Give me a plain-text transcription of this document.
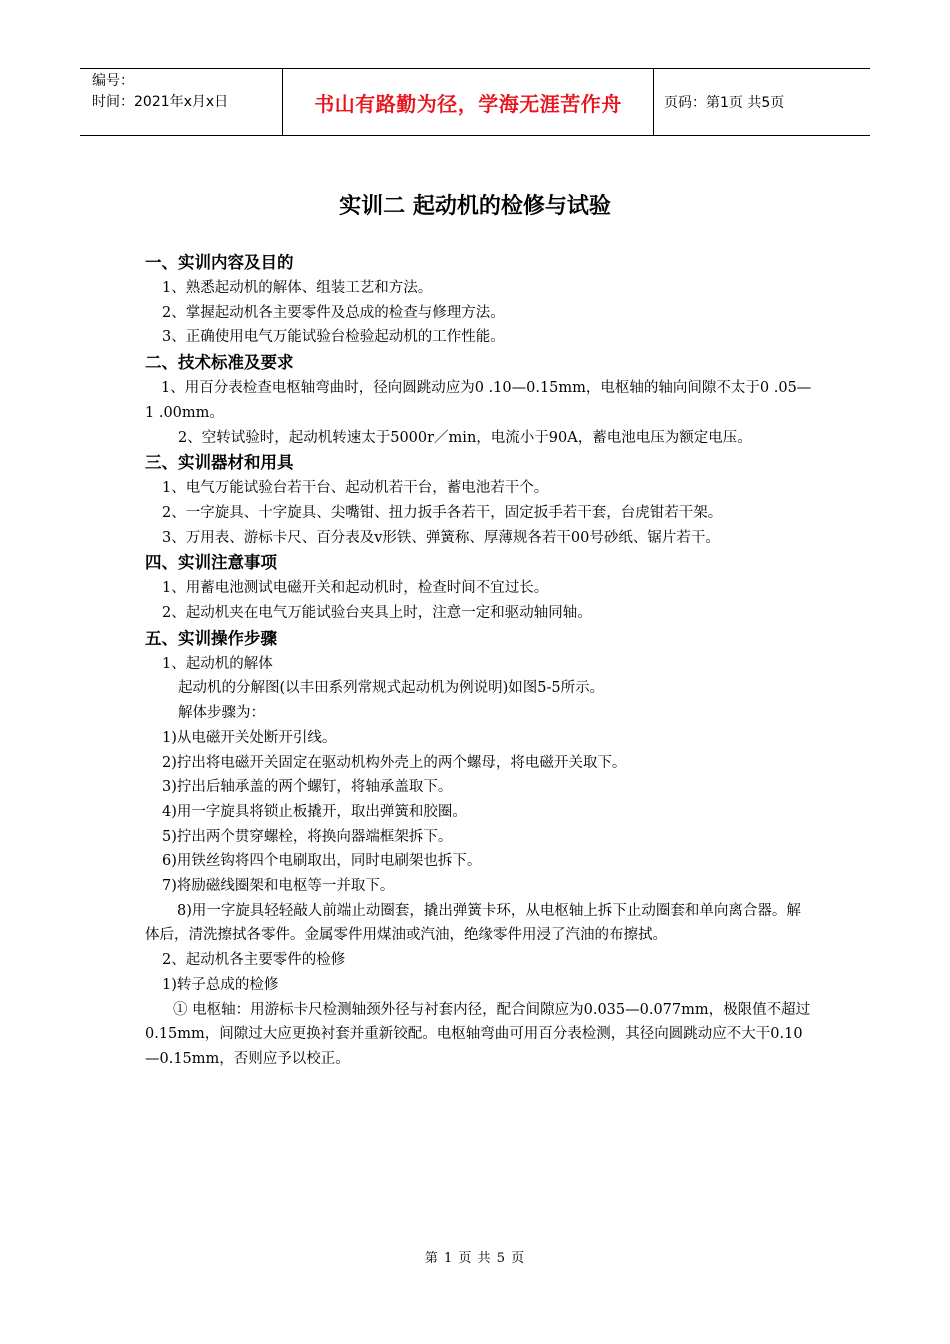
编号：
时间：2021年x月x日	书山有路勤为径，学海无涯苦作舟	页码：第1页 共5页
实训二 起动机的检修与试验

一、实训内容及目的

1、熟悉起动机的解体、组装工艺和方法。

2、掌握起动机各主要零件及总成的检查与修理方法。

3、正确使用电气万能试验台检验起动机的工作性能。

二、技术标准及要求

1、用百分表检查电枢轴弯曲时，径向圆跳动应为0 .10—0.15mm，电枢轴的轴向间隙不太于0 .05—1 .00mm。

2、空转试验时，起动机转速太于5000r／min，电流小于90A，蓄电池电压为额定电压。

三、实训器材和用具

1、电气万能试验台若干台、起动机若干台，蓄电池若干个。

2、一字旋具、十字旋具、尖嘴钳、扭力扳手各若干，固定扳手若干套，台虎钳若干架。

3、万用表、游标卡尺、百分表及v形铁、弹簧称、厚薄规各若干00号砂纸、锯片若干。

四、实训注意事项

1、用蓄电池测试电磁开关和起动机时，检查时间不宜过长。

2、起动机夹在电气万能试验台夹具上时，注意一定和驱动轴同轴。

五、实训操作步骤

1、起动机的解体

起动机的分解图(以丰田系列常规式起动机为例说明)如图5-5所示。

解体步骤为：

1)从电磁开关处断开引线。

2)拧出将电磁开关固定在驱动机构外壳上的两个螺母，将电磁开关取下。

3)拧出后轴承盖的两个螺钉，将轴承盖取下。

4)用一字旋具将锁止板撬开，取出弹簧和胶圈。

5)拧出两个贯穿螺栓，将换向器端框架拆下。

6)用铁丝钩将四个电刷取出，同时电刷架也拆下。

7)将励磁线圈架和电枢等一并取下。

8)用一字旋具轻轻敲人前端止动圈套，撬出弹簧卡环，从电枢轴上拆下止动圈套和单向离合器。解体后，清洗擦拭各零件。金属零件用煤油或汽油，绝缘零件用浸了汽油的布擦拭。

2、起动机各主要零件的检修

1)转子总成的检修

① 电枢轴：用游标卡尺检测轴颈外径与衬套内径，配合间隙应为0.035—0.077mm，极限值不超过0.15mm，间隙过大应更换衬套并重新铰配。电枢轴弯曲可用百分表检测，其径向圆跳动应不大干0.10—0.15mm，否则应予以校正。

第 1 页 共 5 页
